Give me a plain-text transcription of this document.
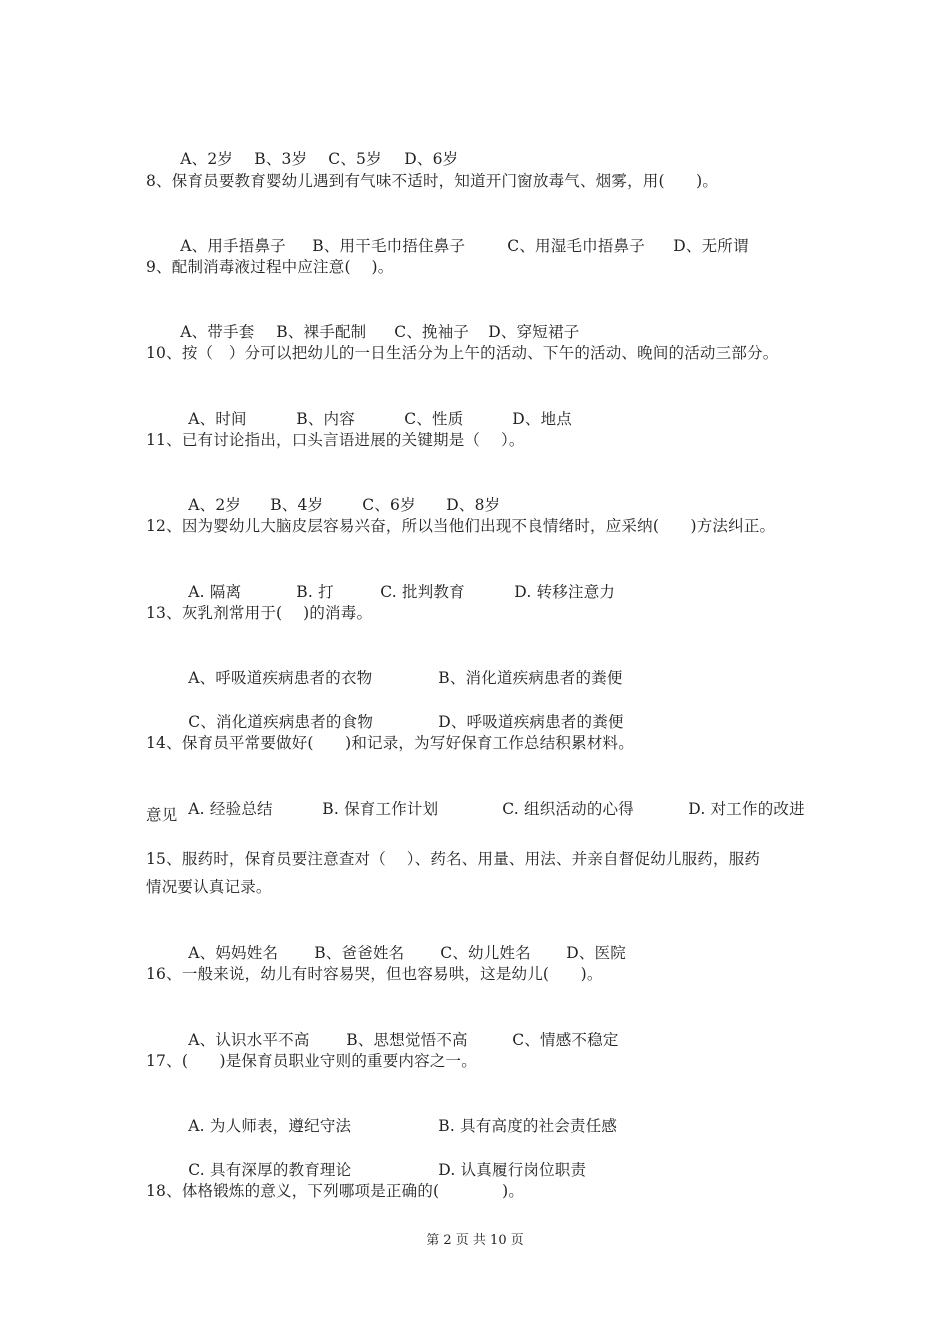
A、2岁 B、3岁 C、5岁 D、6岁

8、保育员要教育婴幼儿遇到有气味不适时，知道开门窗放毒气、烟雾，用(　　)。

A、用手捂鼻子 B、用干毛巾捂住鼻子	C、用湿毛巾捂鼻子 D、无所谓

9、配制消毒液过程中应注意(　 )。

A、带手套 B、裸手配制 C、挽袖子 D、穿短裙子

10、按（　）分可以把幼儿的一日生活分为上午的活动、下午的活动、晚间的活动三部分。

A、时间	B、内容	C、性质	D、地点

11、已有讨论指出，口头言语进展的关键期是（　 ）。

A、2岁 B、4岁	C、6岁 D、8岁

12、因为婴幼儿大脑皮层容易兴奋，所以当他们出现不良情绪时，应采纳(　　)方法纠正。

A. 隔离	B. 打	C. 批判教育	D. 转移注意力

13、灰乳剂常用于(　 )的消毒。

A、呼吸道疾病患者的衣物	B、消化道疾病患者的粪便

C、消化道疾病患者的食物	D、呼吸道疾病患者的粪便

14、保育员平常要做好(　　)和记录，为写好保育工作总结积累材料。

A. 经验总结	B. 保育工作计划	C. 组织活动的心得	D. 对工作的改进

意见
15、服药时，保育员要注意查对（　 ）、药名、用量、用法、并亲自督促幼儿服药，服药
情况要认真记录。

A、妈妈姓名 B、爸爸姓名 C、幼儿姓名 D、医院

16、一般来说，幼儿有时容易哭，但也容易哄，这是幼儿(　　)。

A、认识水平不高 B、思想觉悟不高	C、情感不稳定

17、(　　)是保育员职业守则的重要内容之一。

A. 为人师表，遵纪守法	B. 具有高度的社会责任感

C. 具有深厚的教育理论	D. 认真履行岗位职责

18、体格锻炼的意义，下列哪项是正确的(　　　　)。
第 2 页 共 10 页
